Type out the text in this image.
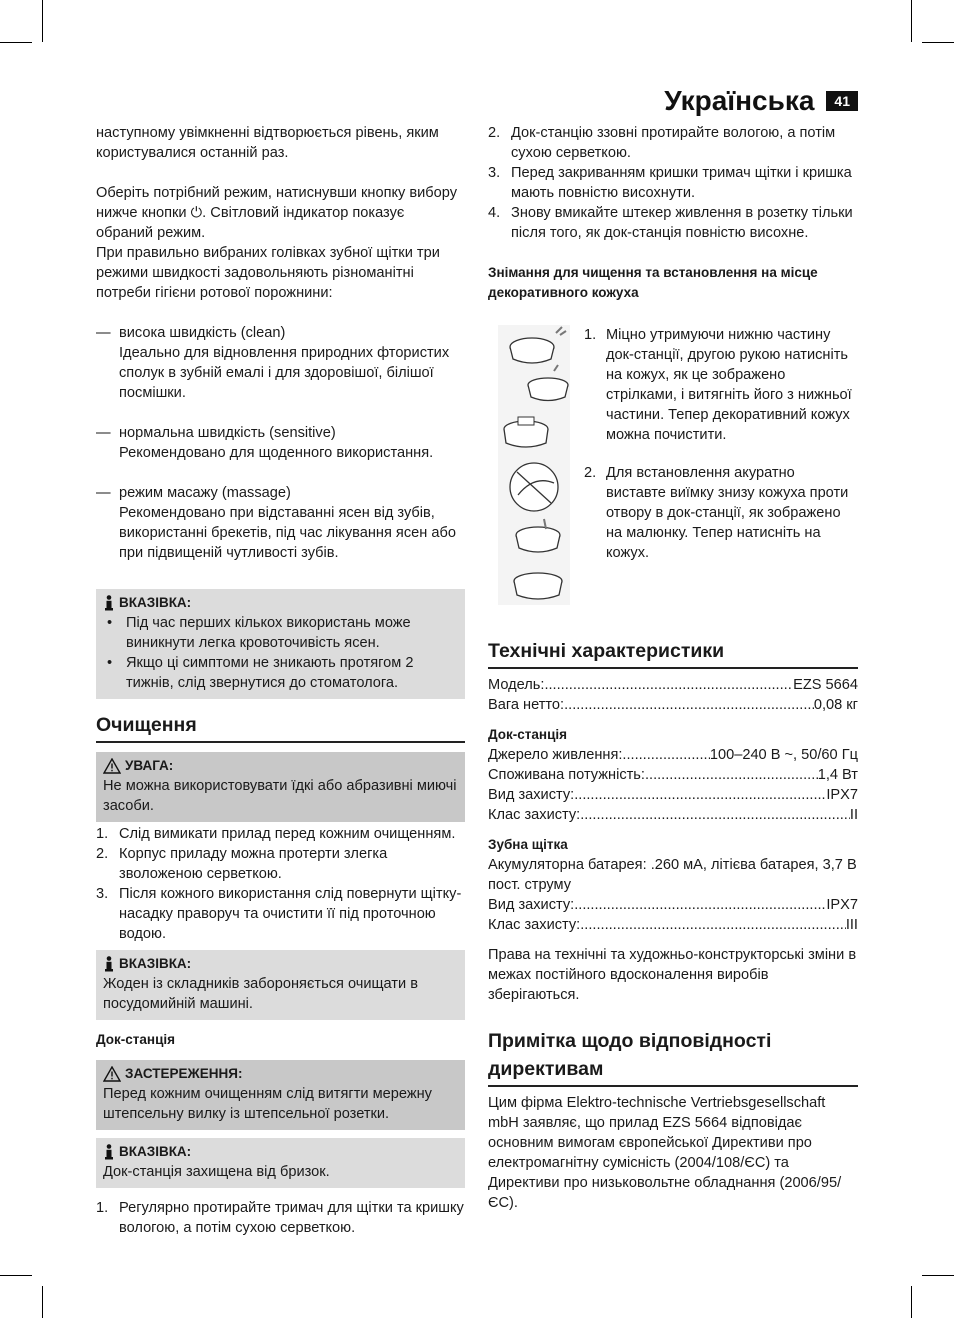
Українська	41

наступному увімкненні відтворюється рівень, яким користувалися останній раз.

Оберіть потрібний режим, натиснувши кнопку вибору нижче кнопки ⏻. Світловий індикатор показує обраний режим.

При правильно вибраних голівках зубної щітки три режими швидкості задовольняють різноманітні потреби гігієни ротової порожнини:

— висока швидкість (clean)

Ідеально для відновлення природних фтористих сполук в зубній емалі і для здоровішої, білішої посмішки.

— нормальна швидкість (sensitive)

Рекомендовано для щоденного використання.

— режим масажу (massage)

Рекомендовано при відставанні ясен від зубів, використанні брекетів, під час лікування ясен або при підвищеній чутливості зубів.

ВКАЗІВКА:
• Під час перших кількох використань може виникнути легка кровоточивість ясен.
• Якщо ці симптоми не зникають протягом 2 тижнів, слід звернутися до стоматолога.
Очищення
УВАГА:

Не можна використовувати їдкі або абразивні миючі засоби.

1. Слід вимикати прилад перед кожним очищенням.
2. Корпус приладу можна протерти злегка зволоженою серветкою.
3. Після кожного використання слід повернути щітку-насадку праворуч та очистити її під проточною водою.
ВКАЗІВКА:

Жоден із складників забороняється очищати в посудомийній машині.

Док-станція

ЗАСТЕРЕЖЕННЯ:

Перед кожним очищенням слід витягти мережну штепсельну вилку із штепсельної розетки.

ВКАЗІВКА:

Док-станція захищена від бризок.

1. Регулярно протирайте тримач для щітки та кришку вологою, а потім сухою серветкою.
2. Док-станцію ззовні протирайте вологою, а потім сухою серветкою.
3. Перед закриванням кришки тримач щітки і кришка мають повністю висохнути.
4. Знову вмикайте штекер живлення в розетку тільки після того, як док-станція повністю висохне.

Знімання для чищення та встановлення на місце декоративного кожуха

1. Міцно утримуючи нижню частину док-станції, другою рукою натисніть на кожух, як це зображено стрілками, і витягніть його з нижньої частини. Тепер декоративний кожух можна почистити.
2. Для встановлення акуратно виставте виїмку знизу кожуха проти отвору в док-станції, як зображено на малюнку. Тепер натисніть на кожух.
Технічні характеристики
Модель: .....	EZS 5664
Вага нетто: .....	0,08 кг

Док-станція

Джерело живлення: .....	100–240 В ~, 50/60 Гц
Споживана потужність: .....	1,4 Вт
Вид захисту: .....	IPX7
Клас захисту: .....	II

Зубна щітка

Акумуляторна батарея: .260 мА, літієва батарея, 3,7 В пост. струму

Вид захисту: .....	IPX7
Клас захисту: .....	III

Права на технічні та художньо-конструкторські зміни в межах постійного вдосконалення виробів зберігаються.

Примітка щодо відповідності директивам

Цим фірма Elektro-technische Vertriebsgesellschaft mbH заявляє, що прилад EZS 5664 відповідає основним вимогам європейської Директиви про електромагнітну сумісність (2004/108/ЄС) та Директиви про низьковольтне обладнання (2006/95/ЄС).
